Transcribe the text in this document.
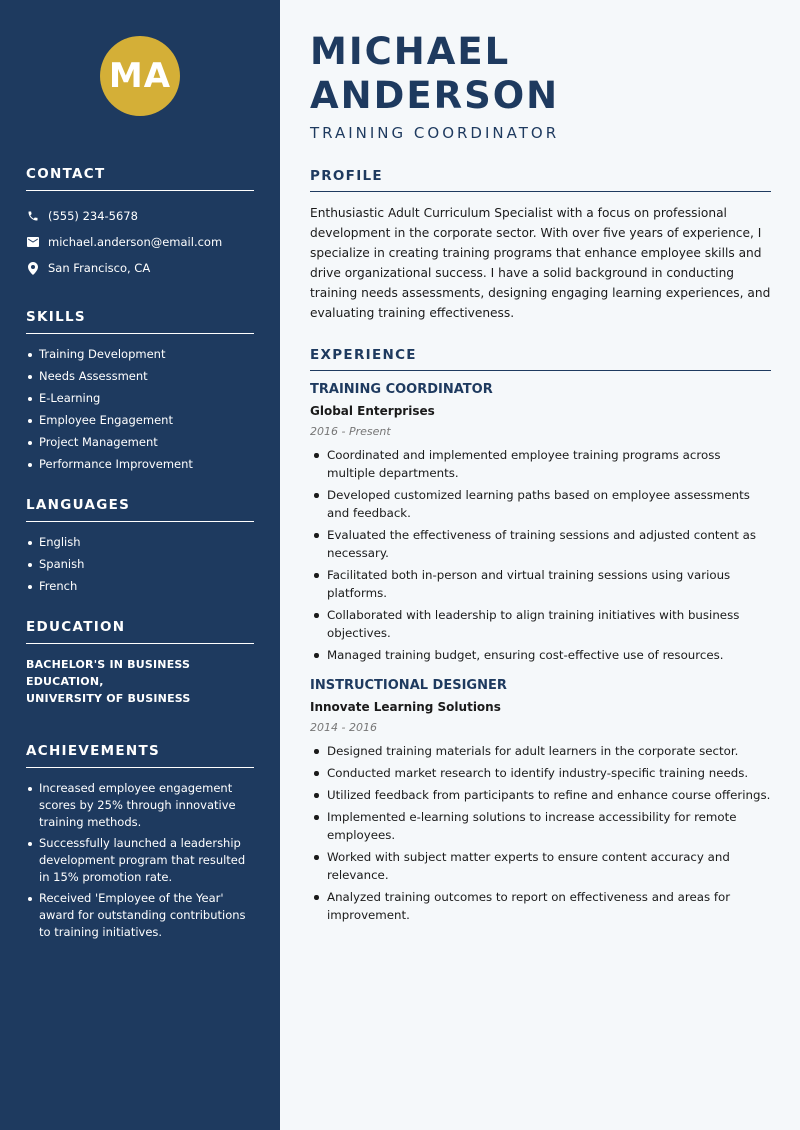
MA
CONTACT
(555) 234-5678
michael.anderson@email.com
San Francisco, CA
SKILLS
Training Development
Needs Assessment
E-Learning
Employee Engagement
Project Management
Performance Improvement
LANGUAGES
English
Spanish
French
EDUCATION
BACHELOR'S IN BUSINESS EDUCATION,
UNIVERSITY OF BUSINESS
ACHIEVEMENTS
Increased employee engagement scores by 25% through innovative training methods.
Successfully launched a leadership development program that resulted in 15% promotion rate.
Received 'Employee of the Year' award for outstanding contributions to training initiatives.
MICHAEL ANDERSON
TRAINING COORDINATOR
PROFILE

Enthusiastic Adult Curriculum Specialist with a focus on professional development in the corporate sector. With over five years of experience, I specialize in creating training programs that enhance employee skills and drive organizational success. I have a solid background in conducting training needs assessments, designing engaging learning experiences, and evaluating training effectiveness.

EXPERIENCE
TRAINING COORDINATOR
Global Enterprises
2016 - Present
Coordinated and implemented employee training programs across multiple departments.
Developed customized learning paths based on employee assessments and feedback.
Evaluated the effectiveness of training sessions and adjusted content as necessary.
Facilitated both in-person and virtual training sessions using various platforms.
Collaborated with leadership to align training initiatives with business objectives.
Managed training budget, ensuring cost-effective use of resources.
INSTRUCTIONAL DESIGNER
Innovate Learning Solutions
2014 - 2016
Designed training materials for adult learners in the corporate sector.
Conducted market research to identify industry-specific training needs.
Utilized feedback from participants to refine and enhance course offerings.
Implemented e-learning solutions to increase accessibility for remote employees.
Worked with subject matter experts to ensure content accuracy and relevance.
Analyzed training outcomes to report on effectiveness and areas for improvement.
